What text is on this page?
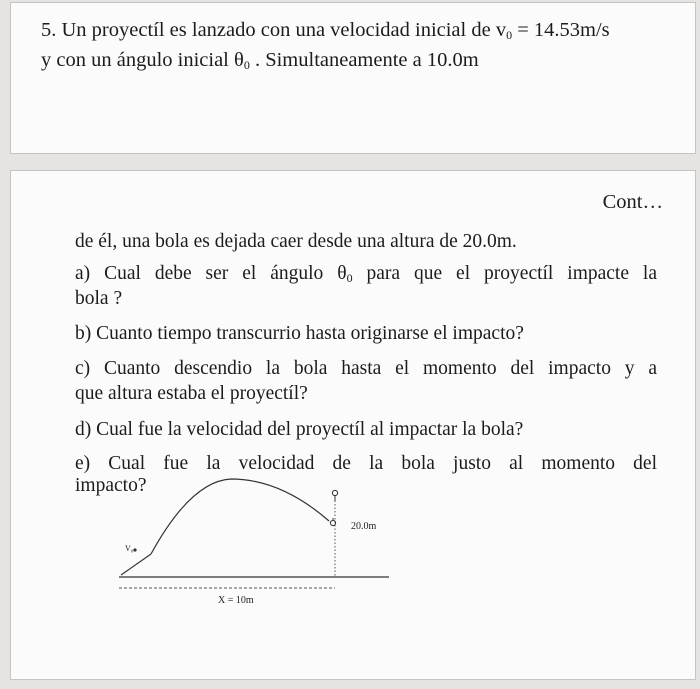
5. Un proyectíl es lanzado con una velocidad inicial de $v_0 = 14.53m/s$
y con un ángulo inicial $\theta_0$ . Simultaneamente a 10.0m
Cont…
de él, una bola es dejada caer desde una altura de 20.0m.
a) Cual debe ser el ángulo $\theta_0$ para que el proyectíl impacte la
bola ?
b) Cuanto tiempo transcurrio hasta originarse el impacto?
c) Cuanto descendio la bola hasta el momento del impacto y a
que altura estaba el proyectíl?
d) Cual fue la velocidad del proyectíl al impactar la bola?
e) Cual fue la velocidad de la bola justo al momento del
impacto?
20.0m
X = 10m
V₀
